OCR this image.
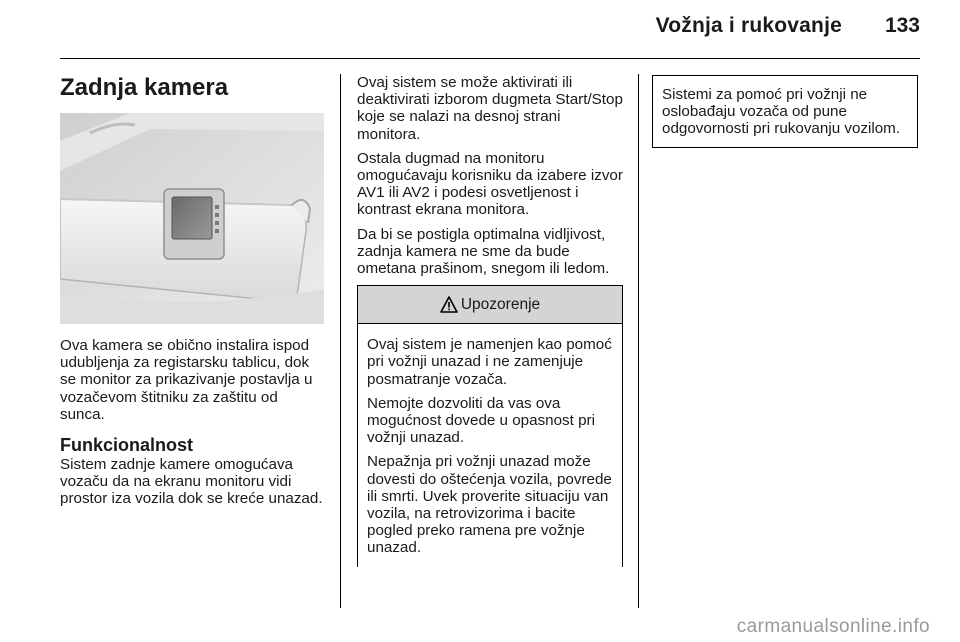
Vožnja i rukovanje 133
Zadnja kamera

Ova kamera se obično instalira ispod udubljenja za registarsku tablicu, dok se monitor za prikazivanje postavlja u vozačevom štitniku za zaštitu od sunca.

Funkcionalnost

Sistem zadnje kamere omogućava vozaču da na ekranu monitoru vidi prostor iza vozila dok se kreće unazad.

Ovaj sistem se može aktivirati ili deaktivirati izborom dugmeta Start/Stop koje se nalazi na desnoj strani monitora.

Ostala dugmad na monitoru omogućavaju korisniku da izabere izvor AV1 ili AV2 i podesi osvetljenost i kontrast ekrana monitora.

Da bi se postigla optimalna vidljivost, zadnja kamera ne sme da bude ometana prašinom, snegom ili ledom.

Upozorenje

Ovaj sistem je namenjen kao pomoć pri vožnji unazad i ne zamenjuje posmatranje vozača.

Nemojte dozvoliti da vas ova mogućnost dovede u opasnost pri vožnji unazad.

Nepažnja pri vožnji unazad može dovesti do oštećenja vozila, povrede ili smrti. Uvek proverite situaciju van vozila, na retrovizorima i bacite pogled preko ramena pre vožnje unazad.

Sistemi za pomoć pri vožnji ne oslobađaju vozača od pune odgovornosti pri rukovanju vozilom.
carmanualsonline.info
